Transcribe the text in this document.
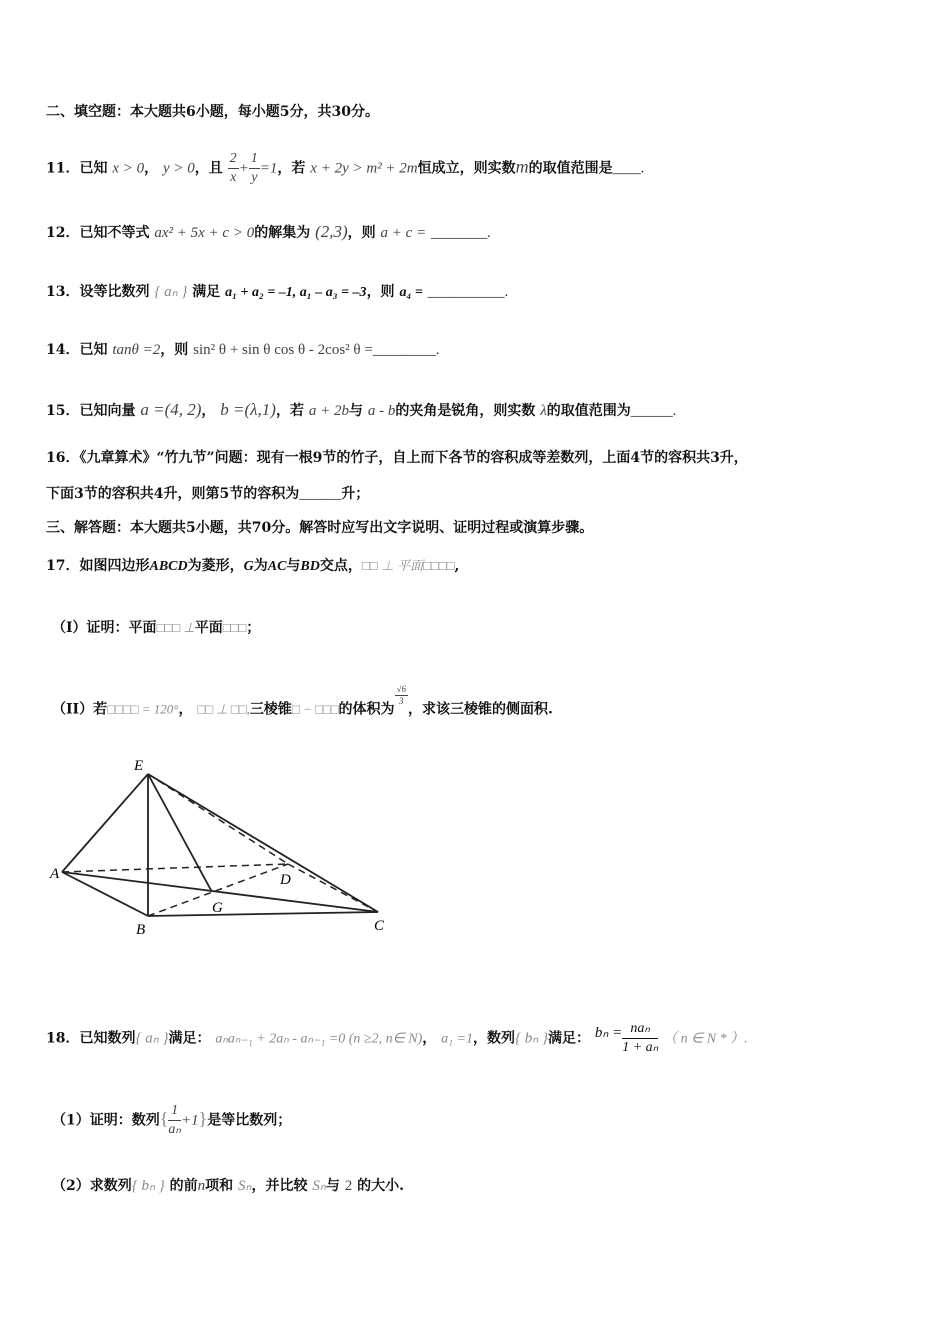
二、填空题：本大题共6小题，每小题5分，共30分。
11．已知 x > 0， y > 0，且 $\frac{2}{x} + \frac{1}{y} =1$，若 x + 2y > m² + 2m恒成立，则实数m的取值范围是____.
12．已知不等式 ax² + 5x + c > 0的解集为 (2,3)，则 a + c = ________.
13．设等比数列 { aₙ } 满足 a₁ + a₂ = –1, a₁ – a₃ = –3，则 a₄ = ___________.
14．已知 tanθ =2，则 sin² θ + sin θ cos θ - 2cos² θ =_________.
15．已知向量 a =(4, 2)， b =(λ,1)，若 a + 2b与 a - b的夹角是锐角，则实数 λ的取值范围为______.
16．《九章算术》“竹九节”问题：现有一根9节的竹子，自上而下各节的容积成等差数列，上面4节的容积共3升，
下面3节的容积共4升，则第5节的容积为______升；
三、解答题：本大题共5小题，共70分。解答时应写出文字说明、证明过程或演算步骤。
17．如图四边形ABCD为菱形，G为AC与BD交点，□□ ⊥ 平面□□□□,
（I）证明：平面□□□ ⊥平面□□□；
（II）若□□□□ = 120°， □□ ⊥ □□,三棱锥□ − □□□的体积为
$\frac{√6}{3}$
，求该三棱锥的侧面积.
E
A
B
G
D
C
18．已知数列{ aₙ }满足： aₙaₙ₋₁ + 2aₙ - aₙ₋₁ =0 (n ≥2, n∈ N)， a₁ =1，数列{ bₙ }满足： $b_n = \frac{\text{naₙ}}{\text{1 + aₙ}}$ （ n ∈ N * ）.
（1）证明：数列{ $\frac{1}{\text{aₙ}} +1$}是等比数列；
（2）求数列{ bₙ } 的前n项和 Sₙ，并比较 Sₙ与 2 的大小.
